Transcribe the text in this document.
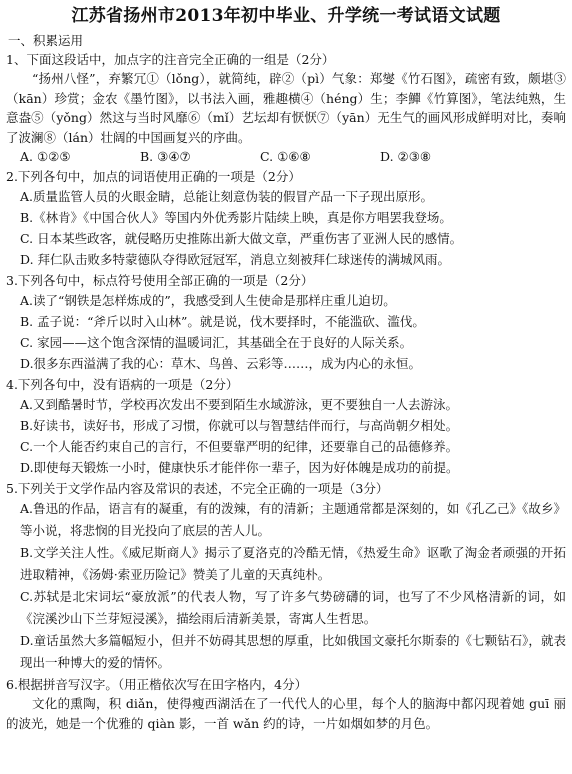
江苏省扬州市2013年初中毕业、升学统一考试语文试题
一、积累运用

1、下面这段话中，加点字的注音完全正确的一组是（2分）

“扬州八怪”，弃繁冗①（lǒng），就简纯，辟②（pì）气象：郑燮《竹石图》，疏密有致，颇堪③（kān）珍赏；金农《墨竹图》，以书法入画，雅趣横④（héng）生；李鱓《竹算图》，笔法纯熟，生意盎⑤（yǒng）然这与当时风靡⑥（mǐ）艺坛却有恹恹⑦（yān）无生气的画风形成鲜明对比，奏响了波澜⑧（lán）壮阔的中国画复兴的序曲。

A. ①②⑤	B. ③④⑦	C. ①⑥⑧	D. ②③⑧

2.下列各句中，加点的词语使用正确的一项是（2分）

A.质量监管人员的火眼金睛，总能让刻意伪装的假冒产品一下子现出原形。

B.《林肯》《中国合伙人》等国内外优秀影片陆续上映，真是你方唱罢我登场。

C. 日本某些政客，就侵略历史推陈出新大做文章，严重伤害了亚洲人民的感情。

D. 拜仁队击败多特蒙德队夺得欧冠冠军，消息立刻被拜仁球迷传的满城风雨。

3.下列各句中，标点符号使用全部正确的一项是（2分）

A.读了“钢铁是怎样炼成的”，我感受到人生使命是那样庄重儿迫切。

B. 孟子说：“斧斤以时入山林”。就是说，伐木要择时，不能滥砍、滥伐。

C. 家园——这个饱含深情的温暖词汇，其基础全在于良好的人际关系。

D.很多东西溢满了我的心：草木、鸟兽、云彩等……，成为内心的永恒。

4.下列各句中，没有语病的一项是（2分）

A.又到酷暑时节，学校再次发出不要到陌生水域游泳，更不要独自一人去游泳。

B.好读书，读好书，形成了习惯，你就可以与智慧结伴而行，与高尚朝夕相处。

C.一个人能否约束自己的言行，不但要靠严明的纪律，还要靠自己的品德修养。

D.即使每天锻炼一小时，健康快乐才能伴你一辈子，因为好体魄是成功的前提。

5.下列关于文学作品内容及常识的表述，不完全正确的一项是（3分）

A.鲁迅的作品，语言有的凝重，有的泼辣，有的清新；主题通常都是深刻的，如《孔乙己》《故乡》等小说，将悲悯的目光投向了底层的苦人儿。

B.文学关注人性。《威尼斯商人》揭示了夏洛克的冷酷无情，《热爱生命》讴歌了淘金者顽强的开拓进取精神，《汤姆·索亚历险记》赞美了儿童的天真纯朴。

C.苏轼是北宋词坛“豪放派”的代表人物，写了许多气势磅礴的词，也写了不少风格清新的词，如《浣溪沙山下兰芽短浸溪》，描绘雨后清新美景，寄寓人生哲思。

D.童话虽然大多篇幅短小，但并不妨碍其思想的厚重，比如俄国文豪托尔斯泰的《七颗钻石》，就表现出一种博大的爱的情怀。

6.根据拼音写汉字。（用正楷依次写在田字格内，4分）

文化的熏陶，积 diǎn，使得瘦西湖活在了一代代人的心里，每个人的脑海中都闪现着她 guī 丽的波光，她是一个优雅的 qiàn 影，一首 wǎn 约的诗，一片如烟如梦的月色。
